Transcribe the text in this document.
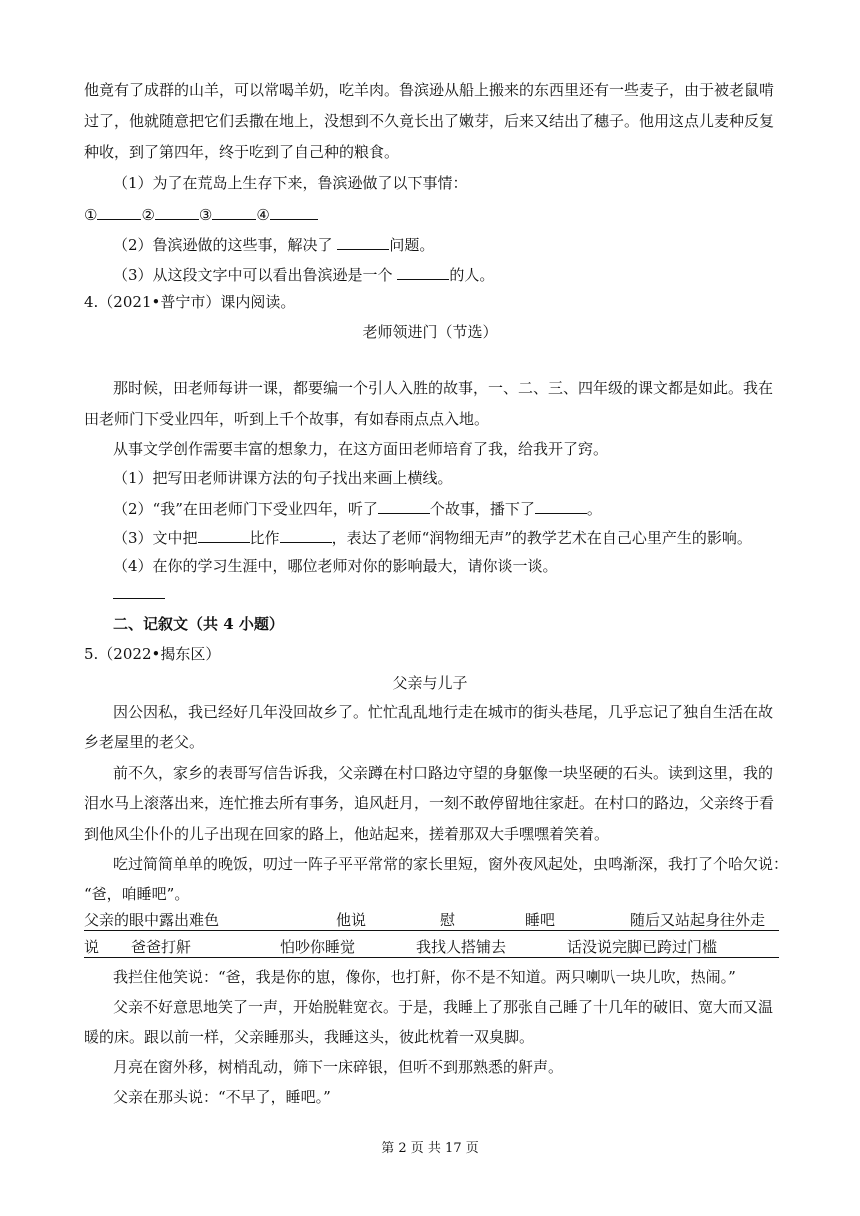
他竟有了成群的山羊，可以常喝羊奶，吃羊肉。鲁滨逊从船上搬来的东西里还有一些麦子，由于被老鼠啃
过了，他就随意把它们丢撒在地上，没想到不久竟长出了嫩芽，后来又结出了穗子。他用这点儿麦种反复
种收，到了第四年，终于吃到了自己种的粮食。
（1）为了在荒岛上生存下来，鲁滨逊做了以下事情：
①	②	③	④
（2）鲁滨逊做的这些事，解决了	问题。
（3）从这段文字中可以看出鲁滨逊是一个	的人。
4.（2021•普宁市）课内阅读。
老师领进门（节选）
那时候，田老师每讲一课，都要编一个引人入胜的故事，一、二、三、四年级的课文都是如此。我在
田老师门下受业四年，听到上千个故事，有如春雨点点入地。
从事文学创作需要丰富的想象力，在这方面田老师培育了我，给我开了窍。
（1）把写田老师讲课方法的句子找出来画上横线。
（2）“我”在田老师门下受业四年，听了	个故事，播下了	。
（3）文中把	比作	，表达了老师“润物细无声”的教学艺术在自己心里产生的影响。
（4）在你的学习生涯中，哪位老师对你的影响最大，请你谈一谈。
二、记叙文（共 4 小题）
5.（2022•揭东区）
父亲与儿子
因公因私，我已经好几年没回故乡了。忙忙乱乱地行走在城市的街头巷尾，几乎忘记了独自生活在故
乡老屋里的老父。
前不久，家乡的表哥写信告诉我，父亲蹲在村口路边守望的身躯像一块坚硬的石头。读到这里，我的
泪水马上滚落出来，连忙推去所有事务，追风赶月，一刻不敢停留地往家赶。在村口的路边，父亲终于看
到他风尘仆仆的儿子出现在回家的路上，他站起来，搓着那双大手嘿嘿着笑着。
吃过简简单单的晚饭，叨过一阵子平平常常的家长里短，窗外夜风起处，虫鸣渐深，我打了个哈欠说：
“爸，咱睡吧”。
父亲的眼中露出难色	他说	慰	睡吧	随后又站起身往外走
说 爸爸打鼾	怕吵你睡觉	我找人搭铺去	话没说完脚已跨过门槛
我拦住他笑说：“爸，我是你的崽，像你，也打鼾，你不是不知道。两只喇叭一块儿吹，热闹。”
父亲不好意思地笑了一声，开始脱鞋宽衣。于是，我睡上了那张自己睡了十几年的破旧、宽大而又温
暖的床。跟以前一样，父亲睡那头，我睡这头，彼此枕着一双臭脚。
月亮在窗外移，树梢乱动，筛下一床碎银，但听不到那熟悉的鼾声。
父亲在那头说：“不早了，睡吧。”
第 2 页 共 17 页
